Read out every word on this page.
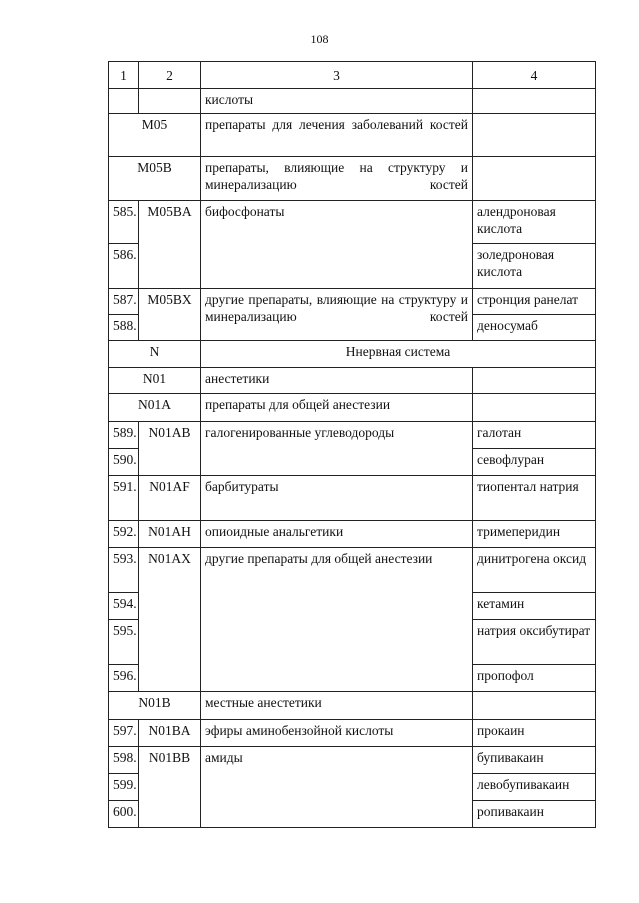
108
1	2	3	4
		кислоты	
M05		препараты для лечения заболеваний костей	
M05B		препараты, влияющие на структуру и минерализацию костей	
585.	M05BA	бифосфонаты	алендроновая кислота
586.			золедроновая кислота
587.	M05BX	другие препараты, влияющие на структуру и минерализацию костей	стронция ранелат
588.			деносумаб
N		Ннервная система	
N01		анестетики	
N01A		препараты для общей анестезии	
589.	N01AB	галогенированные углеводороды	галотан
590.			севофлуран
591.	N01AF	барбитураты	тиопентал натрия
592.	N01AH	опиоидные анальгетики	тримеперидин
593.	N01AX	другие препараты для общей анестезии	динитрогена оксид
594.			кетамин
595.			натрия оксибутират
596.			пропофол
N01B		местные анестетики	
597.	N01BA	эфиры аминобензойной кислоты	прокаин
598.	N01BB	амиды	бупивакаин
599.			левобупивакаин
600.			ропивакаин
